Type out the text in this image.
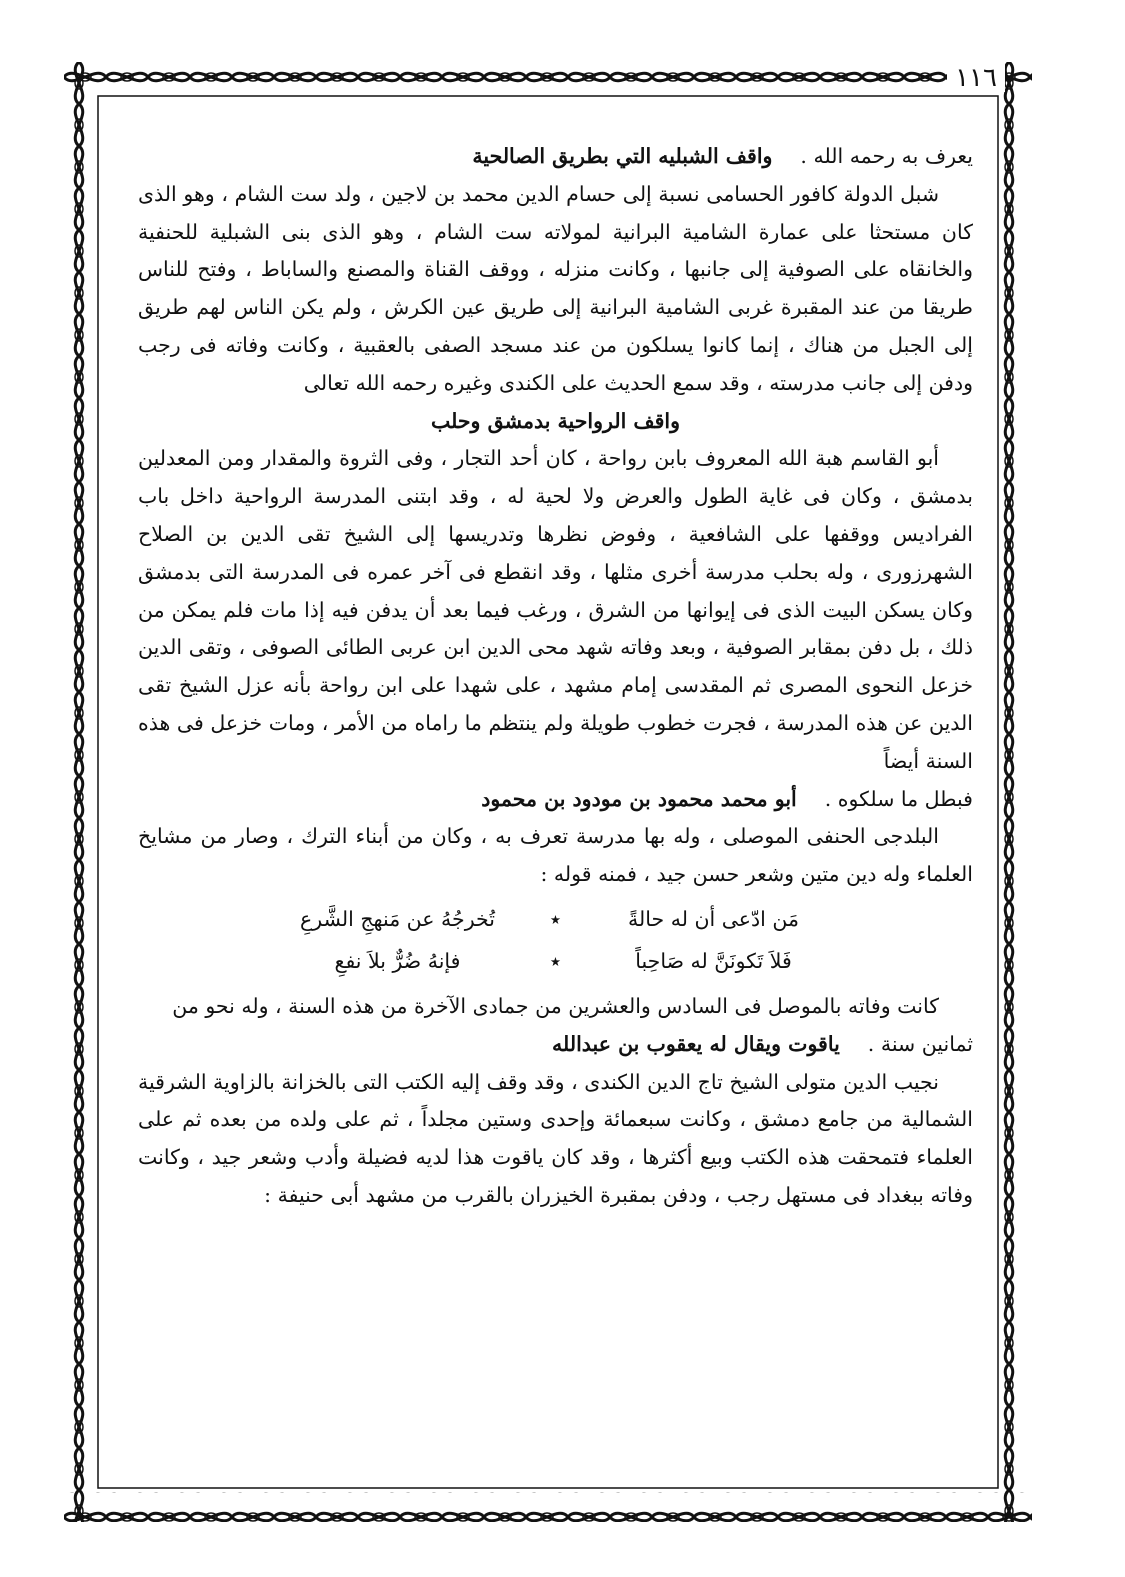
١١٦
يعرف به رحمه الله .
واقف الشبليه التي بطريق الصالحية

شبل الدولة كافور الحسامى نسبة إلى حسام الدين محمد بن لاجين ، ولد ست الشام ، وهو الذى كان مستحثا على عمارة الشامية البرانية لمولاته ست الشام ، وهو الذى بنى الشبلية للحنفية والخانقاه على الصوفية إلى جانبها ، وكانت منزله ، ووقف القناة والمصنع والساباط ، وفتح للناس طريقا من عند المقبرة غربى الشامية البرانية إلى طريق عين الكرش ، ولم يكن الناس لهم طريق إلى الجبل من هناك ، إنما كانوا يسلكون من عند مسجد الصفى بالعقبية ، وكانت وفاته فى رجب ودفن إلى جانب مدرسته ، وقد سمع الحديث على الكندى وغيره رحمه الله تعالى

واقف الرواحية بدمشق وحلب

أبو القاسم هبة الله المعروف بابن رواحة ، كان أحد التجار ، وفى الثروة والمقدار ومن المعدلين بدمشق ، وكان فى غاية الطول والعرض ولا لحية له ، وقد ابتنى المدرسة الرواحية داخل باب الفراديس ووقفها على الشافعية ، وفوض نظرها وتدريسها إلى الشيخ تقى الدين بن الصلاح الشهرزورى ، وله بحلب مدرسة أخرى مثلها ، وقد انقطع فى آخر عمره فى المدرسة التى بدمشق وكان يسكن البيت الذى فى إيوانها من الشرق ، ورغب فيما بعد أن يدفن فيه إذا مات فلم يمكن من ذلك ، بل دفن بمقابر الصوفية ، وبعد وفاته شهد محى الدين ابن عربى الطائى الصوفى ، وتقى الدين خزعل النحوى المصرى ثم المقدسى إمام مشهد ، على شهدا على ابن رواحة بأنه عزل الشيخ تقى الدين عن هذه المدرسة ، فجرت خطوب طويلة ولم ينتظم ما راماه من الأمر ، ومات خزعل فى هذه السنة أيضاً

فبطل ما سلكوه .
أبو محمد محمود بن مودود بن محمود

البلدجى الحنفى الموصلى ، وله بها مدرسة تعرف به ، وكان من أبناء الترك ، وصار من مشايخ العلماء وله دين متين وشعر حسن جيد ، فمنه قوله :

مَن ادّعى أن له حالةً
٭
تُخرجُهُ عن مَنهجِ الشَّرعِ
فَلاَ تَكونَنَّ له صَاحِباً
٭
فإنهُ ضُرٌّ بلاَ نفعِ

كانت وفاته بالموصل فى السادس والعشرين من جمادى الآخرة من هذه السنة ، وله نحو من

ثمانين سنة .
ياقوت ويقال له يعقوب بن عبدالله

نجيب الدين متولى الشيخ تاج الدين الكندى ، وقد وقف إليه الكتب التى بالخزانة بالزاوية الشرقية الشمالية من جامع دمشق ، وكانت سبعمائة وإحدى وستين مجلداً ، ثم على ولده من بعده ثم على العلماء فتمحقت هذه الكتب وبيع أكثرها ، وقد كان ياقوت هذا لديه فضيلة وأدب وشعر جيد ، وكانت وفاته ببغداد فى مستهل رجب ، ودفن بمقبرة الخيزران بالقرب من مشهد أبى حنيفة :
